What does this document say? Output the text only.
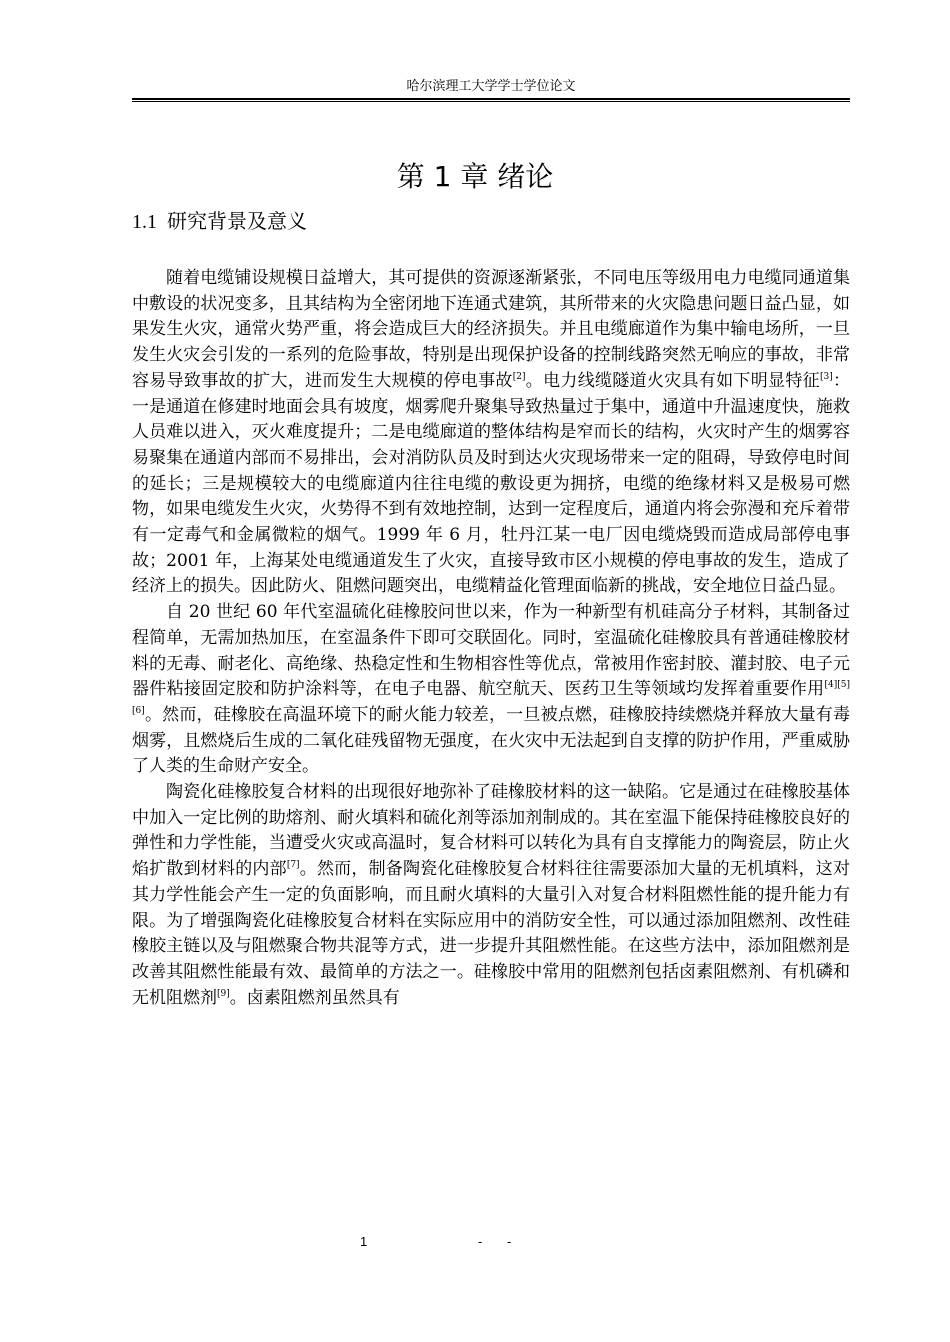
哈尔滨理工大学学士学位论文
第 1 章 绪论
1.1 研究背景及意义

随着电缆铺设规模日益增大，其可提供的资源逐渐紧张，不同电压等级用电力电缆同通道集中敷设的状况变多，且其结构为全密闭地下连通式建筑，其所带来的火灾隐患问题日益凸显，如果发生火灾，通常火势严重，将会造成巨大的经济损失。并且电缆廊道作为集中输电场所，一旦发生火灾会引发的一系列的危险事故，特别是出现保护设备的控制线路突然无响应的事故，非常容易导致事故的扩大，进而发生大规模的停电事故[2]。电力线缆隧道火灾具有如下明显特征[3]：一是通道在修建时地面会具有坡度，烟雾爬升聚集导致热量过于集中，通道中升温速度快，施救人员难以进入，灭火难度提升；二是电缆廊道的整体结构是窄而长的结构，火灾时产生的烟雾容易聚集在通道内部而不易排出，会对消防队员及时到达火灾现场带来一定的阻碍，导致停电时间的延长；三是规模较大的电缆廊道内往往电缆的敷设更为拥挤，电缆的绝缘材料又是极易可燃物，如果电缆发生火灾，火势得不到有效地控制，达到一定程度后，通道内将会弥漫和充斥着带有一定毒气和金属微粒的烟气。1999 年 6 月，牡丹江某一电厂因电缆烧毁而造成局部停电事故；2001 年，上海某处电缆通道发生了火灾，直接导致市区小规模的停电事故的发生，造成了经济上的损失。因此防火、阻燃问题突出，电缆精益化管理面临新的挑战，安全地位日益凸显。

自 20 世纪 60 年代室温硫化硅橡胶问世以来，作为一种新型有机硅高分子材料，其制备过程简单，无需加热加压，在室温条件下即可交联固化。同时，室温硫化硅橡胶具有普通硅橡胶材料的无毒、耐老化、高绝缘、热稳定性和生物相容性等优点，常被用作密封胶、灌封胶、电子元器件粘接固定胶和防护涂料等，在电子电器、航空航天、医药卫生等领域均发挥着重要作用[4][5][6]。然而，硅橡胶在高温环境下的耐火能力较差，一旦被点燃，硅橡胶持续燃烧并释放大量有毒烟雾，且燃烧后生成的二氧化硅残留物无强度，在火灾中无法起到自支撑的防护作用，严重威胁了人类的生命财产安全。

陶瓷化硅橡胶复合材料的出现很好地弥补了硅橡胶材料的这一缺陷。它是通过在硅橡胶基体中加入一定比例的助熔剂、耐火填料和硫化剂等添加剂制成的。其在室温下能保持硅橡胶良好的弹性和力学性能，当遭受火灾或高温时，复合材料可以转化为具有自支撑能力的陶瓷层，防止火焰扩散到材料的内部[7]。然而，制备陶瓷化硅橡胶复合材料往往需要添加大量的无机填料，这对其力学性能会产生一定的负面影响，而且耐火填料的大量引入对复合材料阻燃性能的提升能力有限。为了增强陶瓷化硅橡胶复合材料在实际应用中的消防安全性，可以通过添加阻燃剂、改性硅橡胶主链以及与阻燃聚合物共混等方式，进一步提升其阻燃性能。在这些方法中，添加阻燃剂是改善其阻燃性能最有效、最简单的方法之一。硅橡胶中常用的阻燃剂包括卤素阻燃剂、有机磷和无机阻燃剂[9]。卤素阻燃剂虽然具有

1	- -
